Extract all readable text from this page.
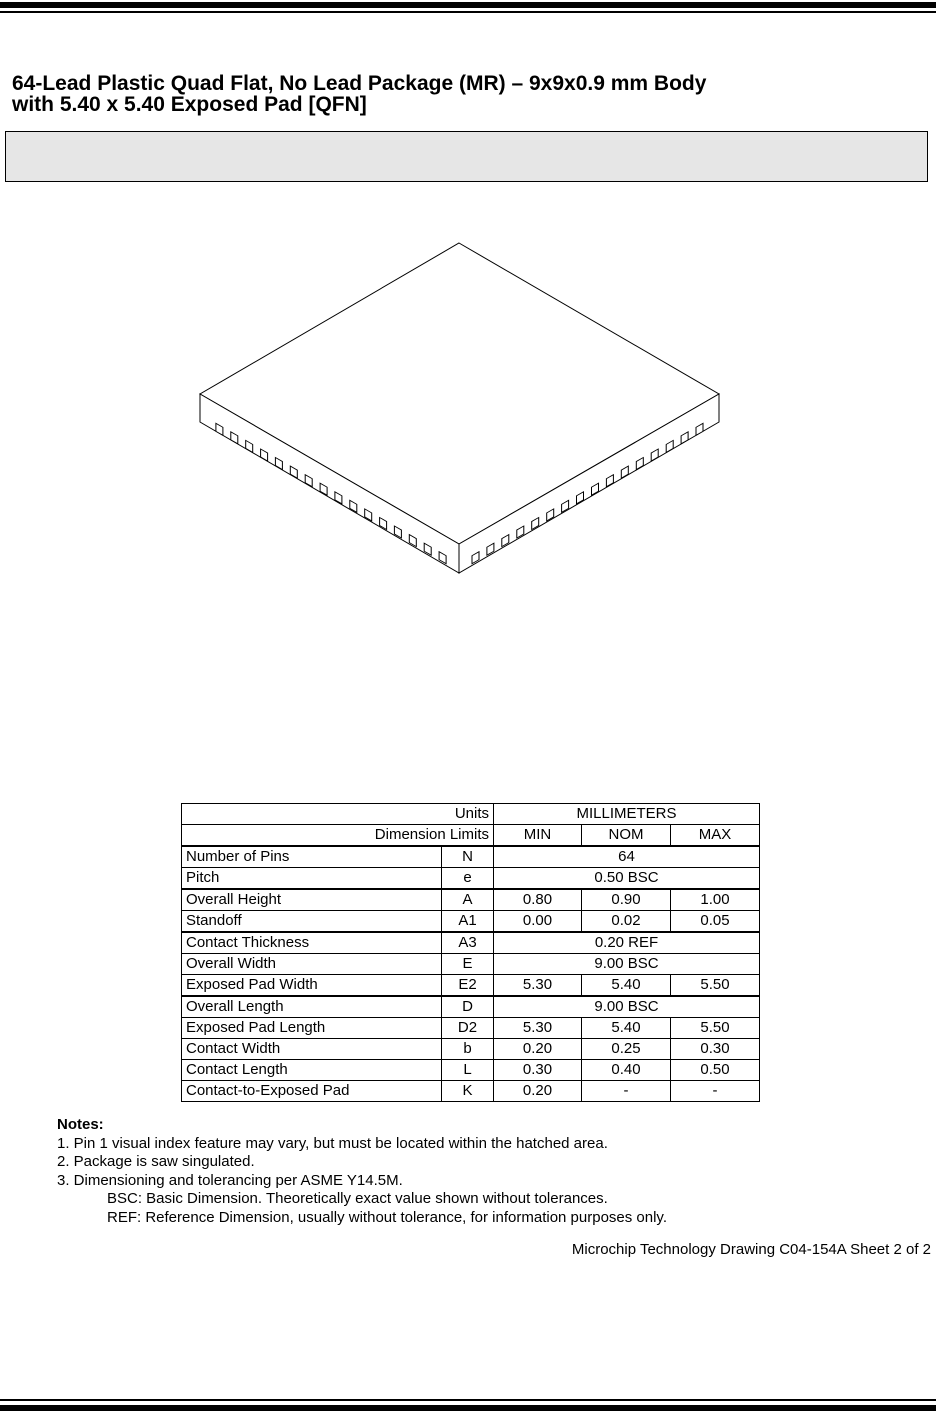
64-Lead Plastic Quad Flat, No Lead Package (MR) – 9x9x0.9 mm Body
with 5.40 x 5.40 Exposed Pad [QFN]
Units		MILLIMETERS		
Dimension Limits		MIN	NOM	MAX
Number of Pins	N	64		
Pitch	e	0.50 BSC		
Overall Height	A	0.80	0.90	1.00
Standoff	A1	0.00	0.02	0.05
Contact Thickness	A3	0.20 REF		
Overall Width	E	9.00 BSC		
Exposed Pad Width	E2	5.30	5.40	5.50
Overall Length	D	9.00 BSC		
Exposed Pad Length	D2	5.30	5.40	5.50
Contact Width	b	0.20	0.25	0.30
Contact Length	L	0.30	0.40	0.50
Contact-to-Exposed Pad	K	0.20	-	-
Notes:
1. Pin 1 visual index feature may vary, but must be located within the hatched area.
2. Package is saw singulated.
3. Dimensioning and tolerancing per ASME Y14.5M.
BSC: Basic Dimension. Theoretically exact value shown without tolerances.
REF: Reference Dimension, usually without tolerance, for information purposes only.
Microchip Technology Drawing C04-154A Sheet 2 of 2
